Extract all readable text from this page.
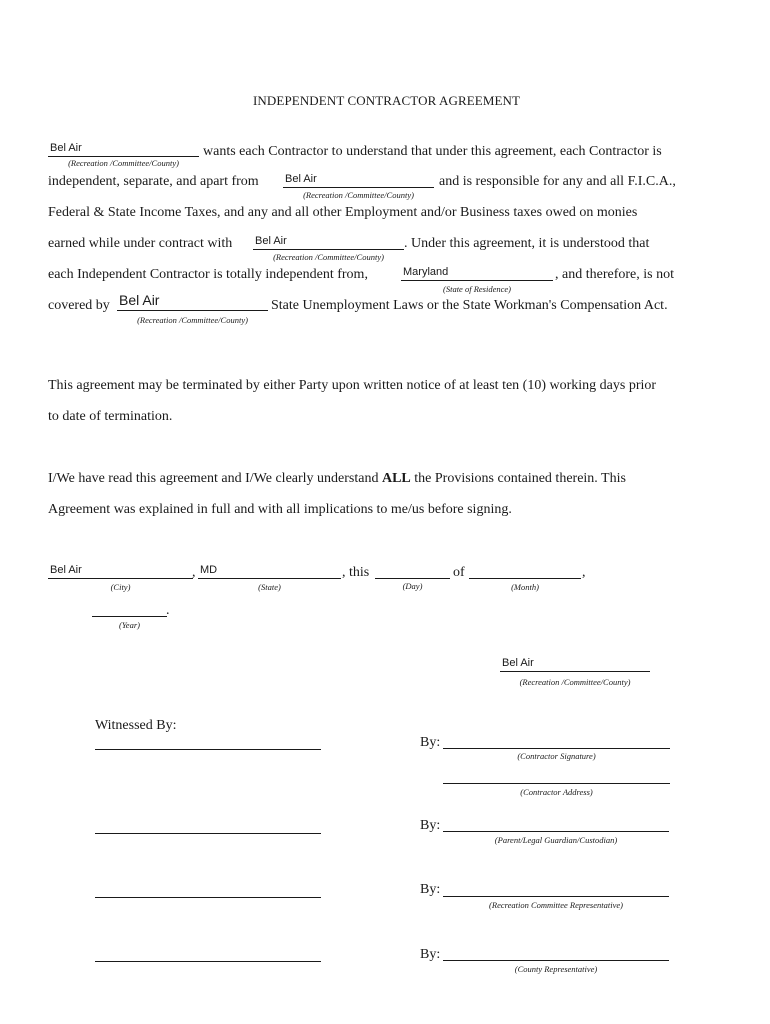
INDEPENDENT CONTRACTOR AGREEMENT
Bel Air
(Recreation /Committee/County)
wants each Contractor to understand that under this agreement, each Contractor is
independent, separate, and apart from Bel Air
(Recreation /Committee/County)
and is responsible for any and all F.I.C.A.,
Federal & State Income Taxes, and any and all other Employment and/or Business taxes owed on monies
earned while under contract with Bel Air
(Recreation /Committee/County)
. Under this agreement, it is understood that
each Independent Contractor is totally independent from,	Maryland
(State of Residence)
, and therefore, is not
covered by Bel Air
(Recreation /Committee/County)
State Unemployment Laws or the State Workman's Compensation Act.
This agreement may be terminated by either Party upon written notice of at least ten (10) working days prior
to date of termination.
I/We have read this agreement and I/We clearly understand ALL the Provisions contained therein. This
Agreement was explained in full and with all implications to me/us before signing.
Bel Air
(City)
, MD
(State)
, this
(Day)
of
(Month)
,
(Year)
.
Bel Air
(Recreation /Committee/County)
Witnessed By:
By:
(Contractor Signature)
(Contractor Address)
By:
(Parent/Legal Guardian/Custodian)
By:
(Recreation Committee Representative)
By:
(County Representative)
